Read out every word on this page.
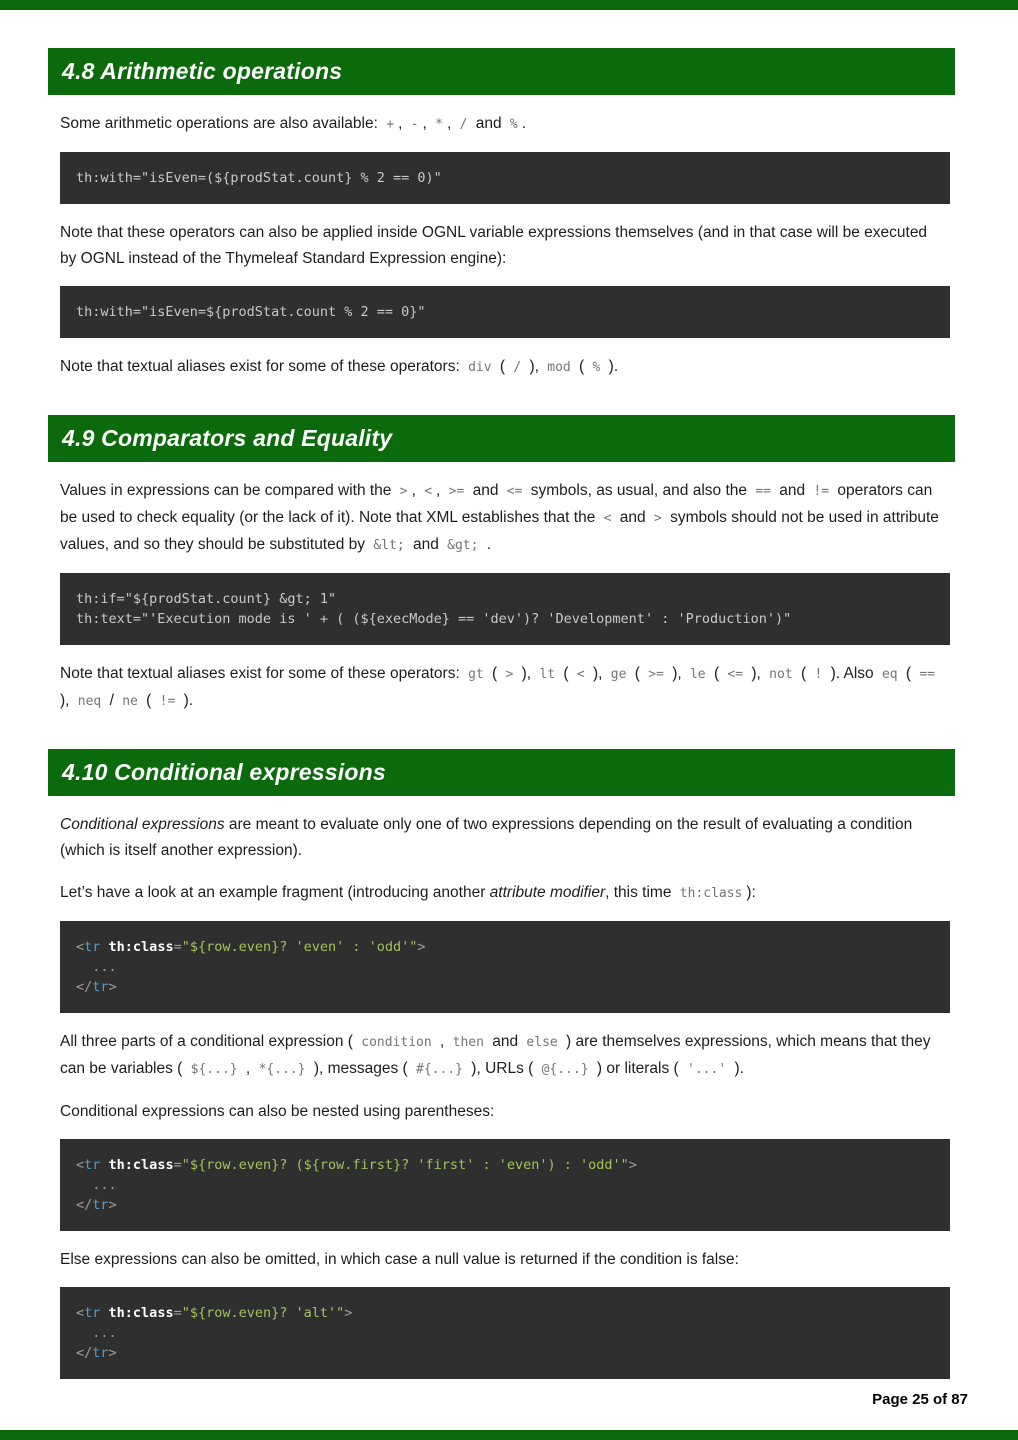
4.8 Arithmetic operations
Some arithmetic operations are also available: + , - , * , / and % .
th:with="isEven=(${prodStat.count} % 2 == 0)"
Note that these operators can also be applied inside OGNL variable expressions themselves (and in that case will be executed by OGNL instead of the Thymeleaf Standard Expression engine):
th:with="isEven=${prodStat.count % 2 == 0}"
Note that textual aliases exist for some of these operators: div ( / ), mod ( % ).
4.9 Comparators and Equality
Values in expressions can be compared with the > , < , >= and <= symbols, as usual, and also the == and != operators can be used to check equality (or the lack of it). Note that XML establishes that the < and > symbols should not be used in attribute values, and so they should be substituted by &lt; and &gt; .
th:if="${prodStat.count} &gt; 1"
th:text="'Execution mode is ' + ( (${execMode} == 'dev')? 'Development' : 'Production')"
Note that textual aliases exist for some of these operators: gt ( > ), lt ( < ), ge ( >= ), le ( <= ), not ( ! ). Also eq ( == ), neq / ne ( != ).
4.10 Conditional expressions
Conditional expressions are meant to evaluate only one of two expressions depending on the result of evaluating a condition (which is itself another expression).
Let’s have a look at an example fragment (introducing another attribute modifier, this time th:class ):
<tr th:class="${row.even}? 'even' : 'odd'">
...
</tr>
All three parts of a conditional expression ( condition , then and else ) are themselves expressions, which means that they can be variables ( ${...} , *{...} ), messages ( #{...} ), URLs ( @{...} ) or literals ( '...' ).
Conditional expressions can also be nested using parentheses:
<tr th:class="${row.even}? (${row.first}? 'first' : 'even') : 'odd'">
...
</tr>
Else expressions can also be omitted, in which case a null value is returned if the condition is false:
<tr th:class="${row.even}? 'alt'">
...
</tr>
Page 25 of 87
